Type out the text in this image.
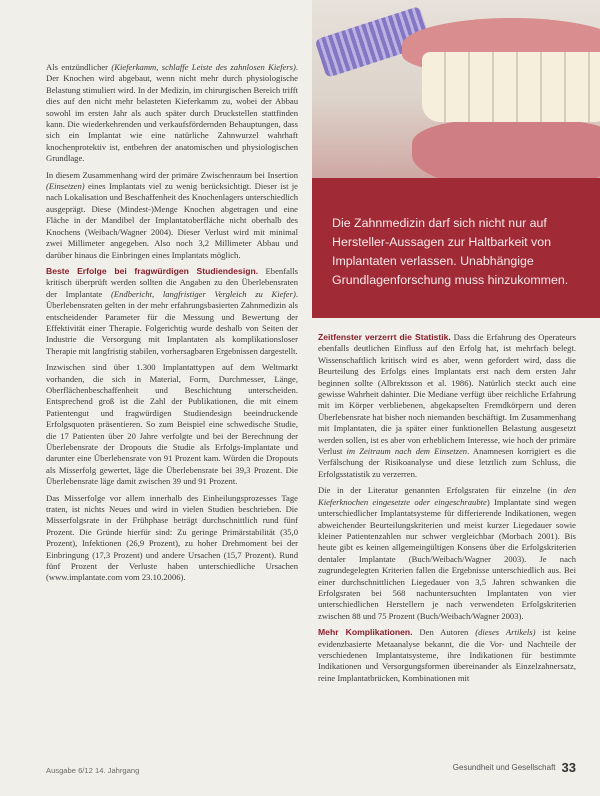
Die Zahnmedizin darf sich nicht nur auf Hersteller-Aussagen zur Haltbarkeit von Implantaten verlassen. Unabhängige Grundlagenforschung muss hinzukommen.

Als entzündlicher (Kieferkamm, schlaffe Leiste des zahnlosen Kiefers). Der Knochen wird abgebaut, wenn nicht mehr durch physiologische Belastung stimuliert wird. In der Medizin, im chirurgischen Bereich trifft dies auf den nicht mehr belasteten Kieferkamm zu, wobei der Abbau sowohl im ersten Jahr als auch später durch Druckstellen stattfinden kann. Die wiederkehrenden und verkaufsfördernden Behauptungen, dass sich ein Implantat wie eine natürliche Zahnwurzel wahrhaft knochenprotektiv ist, entbehren der anatomischen und physiologischen Grundlage.

In diesem Zusammenhang wird der primäre Zwischenraum bei Insertion (Einsetzen) eines Implantats viel zu wenig berücksichtigt. Dieser ist je nach Lokalisation und Beschaffenheit des Knochenlagers unterschiedlich ausgeprägt. Diese (Mindest-)Menge Knochen abgetragen und eine Fläche in der Mandibel der Implantatoberfläche nicht oberhalb des Knochens (Weibach/Wagner 2004). Dieser Verlust wird mit minimal zwei Millimeter angegeben. Also noch 3,2 Millimeter Abbau und darüber hinaus die Einbringen eines Implantats möglich.

Beste Erfolge bei fragwürdigen Studiendesign. Ebenfalls kritisch überprüft werden sollten die Angaben zu den Überlebensraten der Implantate (Endbericht, langfristiger Vergleich zu Kiefer). Überlebensraten gelten in der mehr erfahrungsbasierten Zahnmedizin als entscheidender Parameter für die Messung und Bewertung der Effektivität einer Therapie. Folgerichtig wurde deshalb von Seiten der Industrie die Versorgung mit Implantaten als komplikationsloser Therapie mit langfristig stabilen, vorhersagbaren Ergebnissen dargestellt.

Inzwischen sind über 1.300 Implantattypen auf dem Weltmarkt vorhanden, die sich in Material, Form, Durchmesser, Länge, Oberflächenbeschaffenheit und Beschichtung unterscheiden. Entsprechend groß ist die Zahl der Publikationen, die mit einem Patientengut und fragwürdigen Studiendesign beeindruckende Erfolgsquoten präsentieren. So zum Beispiel eine schwedische Studie, die 17 Patienten über 20 Jahre verfolgte und bei der Berechnung der Überlebensrate der Dropouts die Studie als Erfolgs-Implantate und darunter eine Überlebensrate von 91 Prozent kam. Würden die Dropouts als Misserfolg gewertet, läge die Überlebensrate bei 39,3 Prozent. Die Überlebensrate läge damit zwischen 39 und 91 Prozent.

Das Misserfolge vor allem innerhalb des Einheilungsprozesses Tage traten, ist nichts Neues und wird in vielen Studien beschrieben. Die Misserfolgsrate in der Frühphase beträgt durchschnittlich rund fünf Prozent. Die Gründe hierfür sind: Zu geringe Primärstabilität (35,0 Prozent), Infektionen (26,9 Prozent), zu hoher Drehmoment bei der Einbringung (17,3 Prozent) und andere Ursachen (15,7 Prozent). Rund fünf Prozent der Verluste haben unterschiedliche Ursachen (www.implantate.com vom 23.10.2006).

Zeitfenster verzerrt die Statistik. Dass die Erfahrung des Operateurs ebenfalls deutlichen Einfluss auf den Erfolg hat, ist mehrfach belegt. Wissenschaftlich kritisch wird es aber, wenn gefordert wird, dass die Beurteilung des Erfolgs eines Implantats erst nach dem ersten Jahr beginnen sollte (Albrektsson et al. 1986). Natürlich steckt auch eine gewisse Wahrheit dahinter. Die Mediane verfügt über reichliche Erfahrung mit im Körper verbliebenen, abgekapselten Fremdkörpern und deren Überlebensrate hat bisher noch niemanden beschäftigt. Im Zusammenhang mit Implantaten, die ja später einer funktionellen Belastung ausgesetzt werden sollen, ist es aber von erheblichem Interesse, wie hoch der primäre Verlust im Zeitraum nach dem Einsetzen. Anamnesen korrigiert es die Verfälschung der Risikoanalyse und diese letztlich zum Schluss, die Erfolgsstatistik zu verzerren.

Die in der Literatur genannten Erfolgsraten für einzelne (in den Kieferknochen eingesetzte oder eingeschraubte) Implantate sind wegen unterschiedlicher Implantatsysteme für differierende Indikationen, wegen abweichender Beurteilungskriterien und meist kurzer Liegedauer sowie kleiner Patientenzahlen nur schwer vergleichbar (Morbach 2001). Bis heute gibt es keinen allgemeingültigen Konsens über die Erfolgskriterien dentaler Implantate (Buch/Weibach/Wagner 2003). Je nach zugrundegelegten Kriterien fallen die Ergebnisse unterschiedlich aus. Bei einer durchschnittlichen Liegedauer von 3,5 Jahren schwanken die Erfolgsraten bei 568 nachuntersuchten Implantaten von vier unterschiedlichen Herstellern je nach verwendeten Erfolgskriterien zwischen 88 und 75 Prozent (Buch/Weibach/Wagner 2003).

Mehr Komplikationen. Den Autoren (dieses Artikels) ist keine evidenzbasierte Metaanalyse bekannt, die die Vor- und Nachteile der verschiedenen Implantatsysteme, ihre Indikationen für bestimmte Indikationen und Versorgungsformen übereinander als Einzelzahnersatz, reine Implantatbrücken, Kombinationen mit

Ausgabe 6/12 14. Jahrgang	Gesundheit und Gesellschaft 33
